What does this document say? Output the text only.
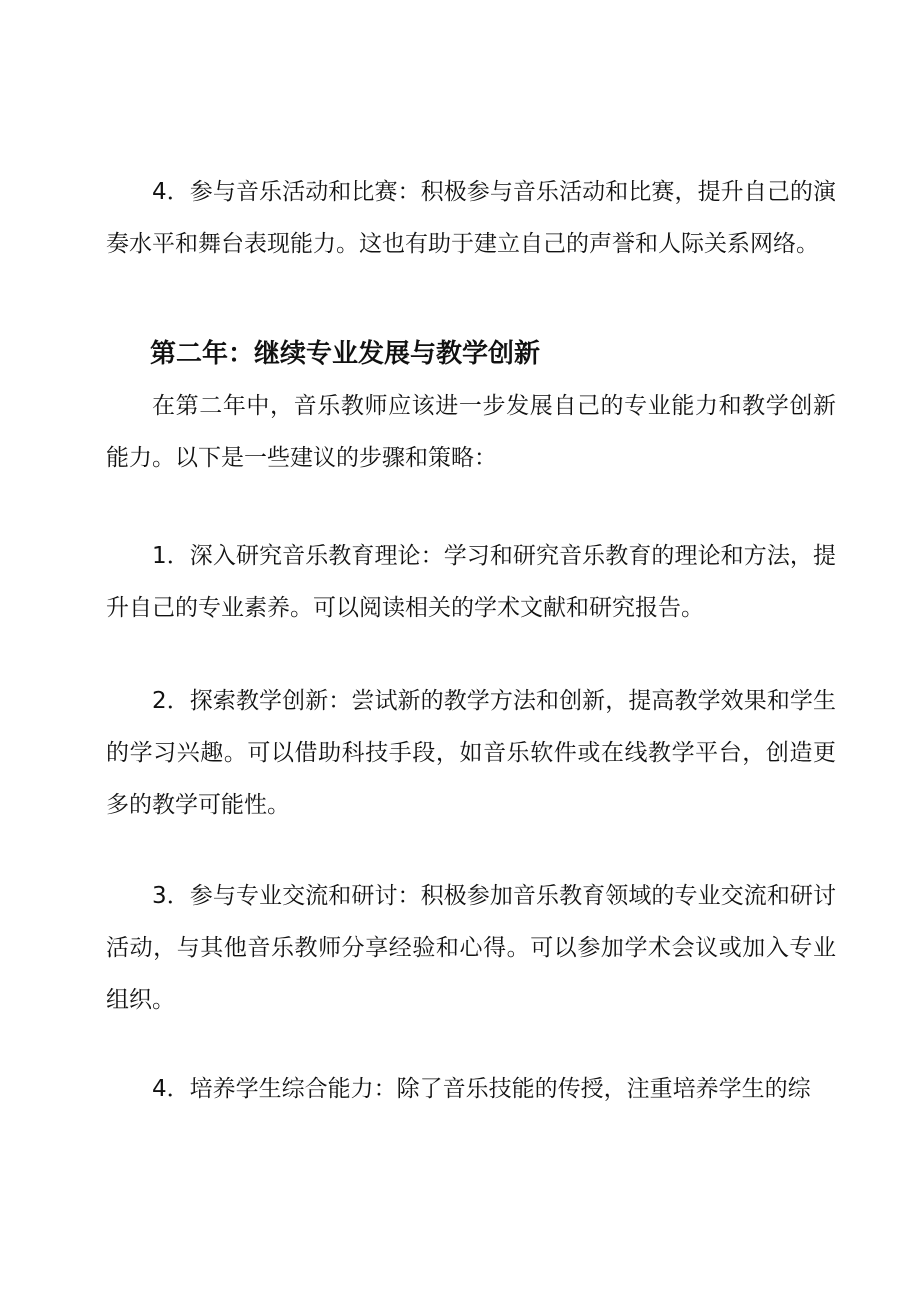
4．参与音乐活动和比赛：积极参与音乐活动和比赛，提升自己的演奏水平和舞台表现能力。这也有助于建立自己的声誉和人际关系网络。

第二年：继续专业发展与教学创新

在第二年中，音乐教师应该进一步发展自己的专业能力和教学创新能力。以下是一些建议的步骤和策略：

1．深入研究音乐教育理论：学习和研究音乐教育的理论和方法，提升自己的专业素养。可以阅读相关的学术文献和研究报告。

2．探索教学创新：尝试新的教学方法和创新，提高教学效果和学生的学习兴趣。可以借助科技手段，如音乐软件或在线教学平台，创造更多的教学可能性。

3．参与专业交流和研讨：积极参加音乐教育领域的专业交流和研讨活动，与其他音乐教师分享经验和心得。可以参加学术会议或加入专业组织。

4．培养学生综合能力：除了音乐技能的传授，注重培养学生的综
